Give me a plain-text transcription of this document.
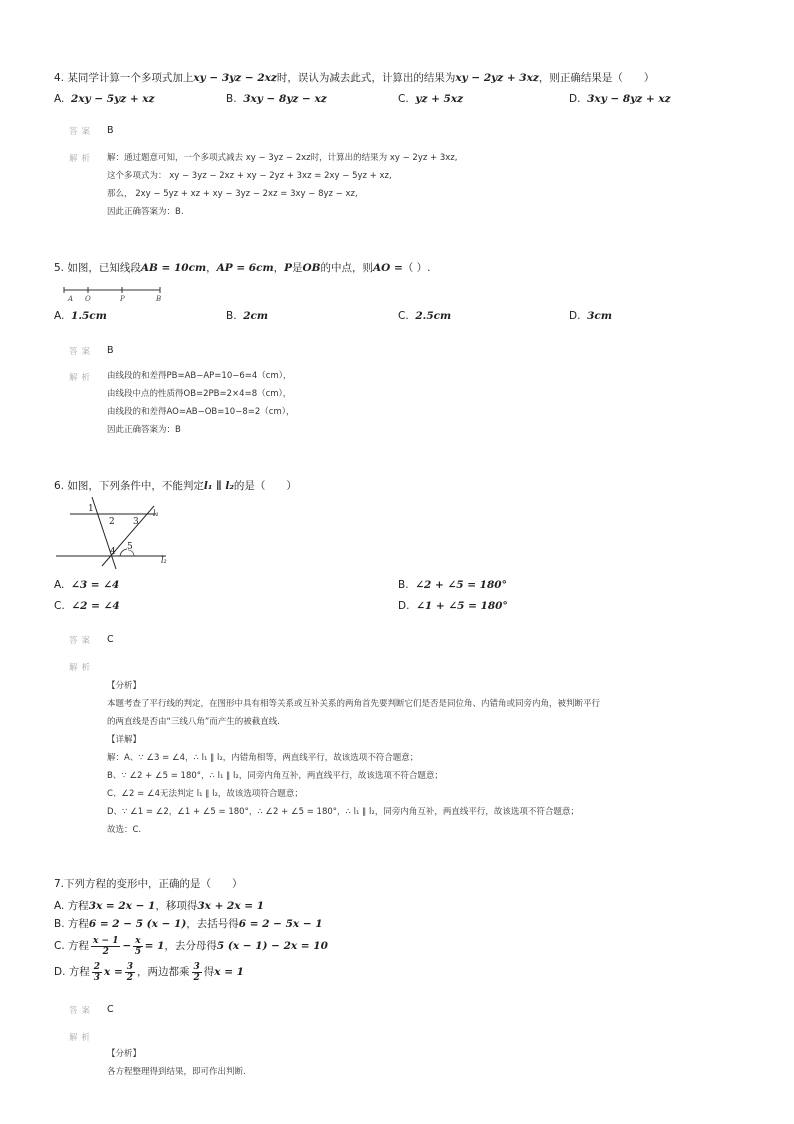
4. 某同学计算一个多项式加上xy − 3yz − 2xz时，误认为减去此式，计算出的结果为xy − 2yz + 3xz，则正确结果是（　　）
A. 2xy − 5yz + xz	B. 3xy − 8yz − xz	C. yz + 5xz	D. 3xy − 8yz + xz
答案 B
解析 解：通过题意可知，一个多项式减去 xy − 3yz − 2xz时，计算出的结果为 xy − 2yz + 3xz,
这个多项式为： xy − 3yz − 2xz + xy − 2yz + 3xz = 2xy − 5yz + xz,
那么， 2xy − 5yz + xz + xy − 3yz − 2xz = 3xy − 8yz − xz,
因此正确答案为：B.
5. 如图，已知线段AB = 10cm，AP = 6cm，P是OB的中点，则AO =（ ）.
A O	P	B
A. 1.5cm	B. 2cm	C. 2.5cm	D. 3cm
答案 B
解析 由线段的和差得PB=AB−AP=10−6=4（cm），
由线段中点的性质得OB=2PB=2×4=8（cm），
由线段的和差得AO=AB−OB=10−8=2（cm），
因此正确答案为：B
6. 如图，下列条件中，不能判定l₁ ∥ l₂的是（　　）
1
2 3
4 5
l₁
l₂
A. ∠3 = ∠4	B. ∠2 + ∠5 = 180°
C. ∠2 = ∠4	D. ∠1 + ∠5 = 180°
答案 C
解析
【分析】
本题考查了平行线的判定，在图形中具有相等关系或互补关系的两角首先要判断它们是否是同位角、内错角或同旁内角，被判断平行
的两直线是否由“三线八角”而产生的被截直线.
【详解】
解：A、∵ ∠3 = ∠4，∴ l₁ ∥ l₂，内错角相等，两直线平行，故该选项不符合题意；
B、∵ ∠2 + ∠5 = 180°，∴ l₁ ∥ l₂，同旁内角互补，两直线平行，故该选项不符合题意；
C、∠2 = ∠4无法判定 l₁ ∥ l₂，故该选项符合题意；
D、∵ ∠1 = ∠2，∠1 + ∠5 = 180°，∴ ∠2 + ∠5 = 180°，∴ l₁ ∥ l₂，同旁内角互补，两直线平行，故该选项不符合题意；
故选：C.
7.下列方程的变形中，正确的是（　　）
A. 方程3x = 2x − 1，移项得3x + 2x = 1
B. 方程6 = 2 − 5 (x − 1)，去括号得6 = 2 − 5x − 1
C.
方程 x − 1
$2 - \frac{x}{5} = 1$ ，去分母得 5 (x − 1) − 2x = 10
D.
方程 2
3 $x = \frac{3}{2}$ ，两边都乘 3
2 得 x = 1
答案 C
解析
【分析】
各方程整理得到结果，即可作出判断.
